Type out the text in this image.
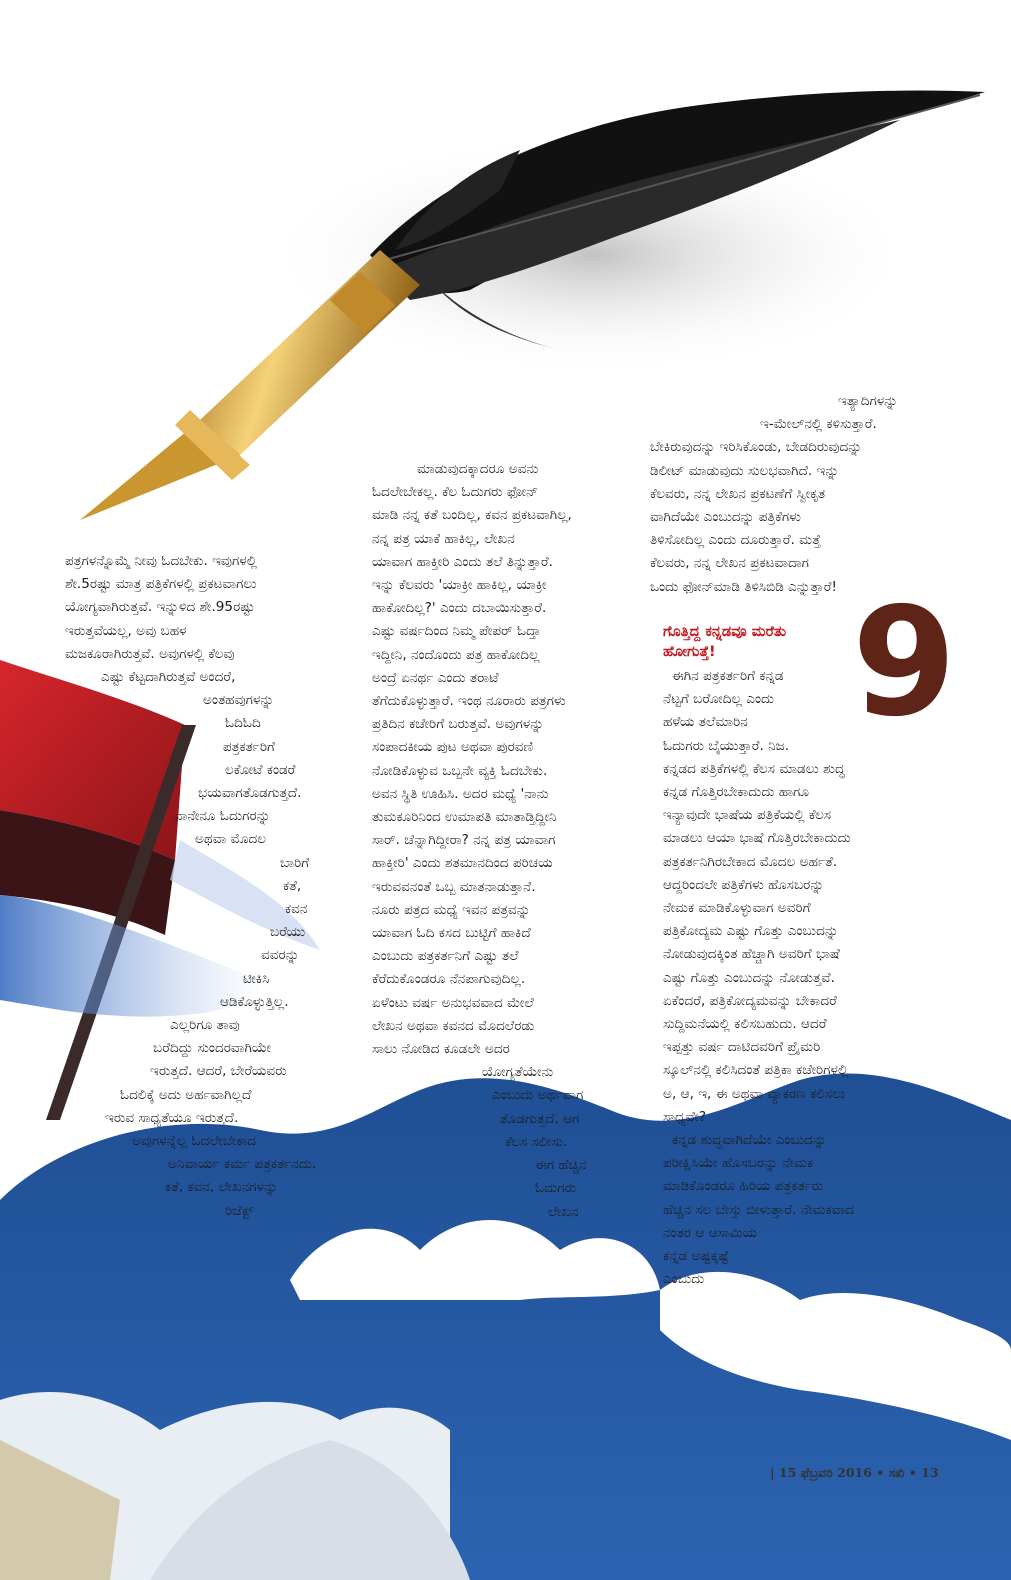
ಪತ್ರಗಳನ್ನೊಮ್ಮೆ ನೀವು ಓದಬೇಕು. ಇವುಗಳಲ್ಲಿ
ಶೇ.5ರಷ್ಟು ಮಾತ್ರ ಪತ್ರಿಕೆಗಳಲ್ಲಿ ಪ್ರಕಟವಾಗಲು
ಯೋಗ್ಯವಾಗಿರುತ್ತವೆ. ಇನ್ನುಳಿದ ಶೇ.95ರಷ್ಟು
ಇರುತ್ತವೆಯಲ್ಲ, ಅವು ಬಹಳ
ಮಜಕೂರಾಗಿರುತ್ತವೆ. ಅವುಗಳಲ್ಲಿ ಕೆಲವು
ಎಷ್ಟು ಕೆಟ್ಟದಾಗಿರುತ್ತವೆ ಅಂದರೆ,
ಅಂತಹವುಗಳನ್ನು
ಓದಿಓದಿ
ಪತ್ರಕರ್ತರಿಗೆ
ಲಕೋಟೆ ಕಂಡರೆ
ಭಯವಾಗತೊಡಗುತ್ತದೆ.
ನಾನೇನೂ ಓದುಗರನ್ನು
ಅಥವಾ ಮೊದಲ
ಬಾರಿಗೆ
ಕತೆ,
ಕವನ
ಬರೆಯು
ವವರನ್ನು
ಟೀಕಿಸಿ
ಆಡಿಕೊಳ್ಳುತ್ತಿಲ್ಲ.
ಎಲ್ಲರಿಗೂ ತಾವು
ಬರೆದಿದ್ದು ಸುಂದರವಾಗಿಯೇ
ಇರುತ್ತದೆ. ಆದರೆ, ಬೇರೆಯವರು
ಓದಲಿಕ್ಕೆ ಅದು ಅರ್ಹವಾಗಿಲ್ಲದೆ
ಇರುವ ಸಾಧ್ಯತೆಯೂ ಇರುತ್ತದೆ.
ಅವುಗಳನ್ನೆಲ್ಲ ಓದಲೇಬೇಕಾದ
ಅನಿವಾರ್ಯ ಕರ್ಮ ಪತ್ರಕರ್ತನದು.
ಕತೆ, ಕವನ, ಲೇಖನಗಳನ್ನು
ರಿಜೆಕ್ಟ್
ಮಾಡುವುದಕ್ಕಾದರೂ ಅವನು
ಓದಲೇಬೇಕಲ್ಲ. ಕೆಲ ಓದುಗರು ಫೋನ್
ಮಾಡಿ ನನ್ನ ಕತೆ ಬಂದಿಲ್ಲ, ಕವನ ಪ್ರಕಟವಾಗಿಲ್ಲ,
ನನ್ನ ಪತ್ರ ಯಾಕೆ ಹಾಕಿಲ್ಲ, ಲೇಖನ
ಯಾವಾಗ ಹಾಕ್ತೀರಿ ಎಂದು ತಲೆ ತಿನ್ನುತ್ತಾರೆ.
ಇನ್ನು ಕೆಲವರು 'ಯಾಕ್ರೀ ಹಾಕಿಲ್ಲ, ಯಾಕ್ರೀ
ಹಾಕೋದಿಲ್ಲ?' ಎಂದು ದಬಾಯಿಸುತ್ತಾರೆ.
ಎಷ್ಟು ವರ್ಷದಿಂದ ನಿಮ್ಮ ಪೇಪರ್ ಓದ್ತಾ
ಇದ್ದೀನಿ, ನಂದೊಂದು ಪತ್ರ ಹಾಕೋದಿಲ್ಲ
ಅಂದ್ರೆ ಏನರ್ಥ ಎಂದು ತರಾಟೆ
ತೆಗೆದುಕೊಳ್ಳುತ್ತಾರೆ. ಇಂಥ ನೂರಾರು ಪತ್ರಗಳು
ಪ್ರತಿದಿನ ಕಚೇರಿಗೆ ಬರುತ್ತವೆ. ಅವುಗಳನ್ನು
ಸಂಪಾದಕೀಯ ಪುಟ ಅಥವಾ ಪುರವಣಿ
ನೋಡಿಕೊಳ್ಳುವ ಒಬ್ಬನೇ ವ್ಯಕ್ತಿ ಓದಬೇಕು.
ಅವನ ಸ್ಥಿತಿ ಊಹಿಸಿ. ಅದರ ಮಧ್ಯೆ 'ನಾನು
ತುಮಕೂರಿನಿಂದ ಉಮಾಪತಿ ಮಾತಾಡ್ತಿದ್ದೀನಿ
ಸಾರ್. ಚೆನ್ನಾಗಿದ್ದೀರಾ? ನನ್ನ ಪತ್ರ ಯಾವಾಗ
ಹಾಕ್ತೀರಿ' ಎಂದು ಶತಮಾನದಿಂದ ಪರಿಚಯ
ಇರುವವನಂತೆ ಒಬ್ಬ ಮಾತನಾಡುತ್ತಾನೆ.
ನೂರು ಪತ್ರದ ಮಧ್ಯೆ ಇವನ ಪತ್ರವನ್ನು
ಯಾವಾಗ ಓದಿ ಕಸದ ಬುಟ್ಟಿಗೆ ಹಾಕಿದೆ
ಎಂಬುದು ಪತ್ರಕರ್ತನಿಗೆ ಎಷ್ಟು ತಲೆ
ಕೆರೆದುಕೊಂಡರೂ ನೆನಪಾಗುವುದಿಲ್ಲ.
ಏಳೆಂಟು ವರ್ಷ ಅನುಭವವಾದ ಮೇಲೆ
ಲೇಖನ ಅಥವಾ ಕವನದ ಮೊದಲೆರಡು
ಸಾಲು ನೋಡಿದ ಕೂಡಲೇ ಅದರ
ಯೋಗ್ಯತೆಯೇನು
ಎಂಬುದು ಅರ್ಥವಾಗ
ತೊಡಗುತ್ತದೆ. ಆಗ
ಕೆಲಸ ಸಲೀಸು.
ಈಗ ಹೆಚ್ಚಿನ
ಓದುಗರು
ಲೇಖನ
ಇತ್ಯಾದಿಗಳನ್ನು
ಇ-ಮೇಲ್‌ನಲ್ಲಿ ಕಳಿಸುತ್ತಾರೆ.
ಬೇಕಿರುವುದನ್ನು ಇರಿಸಿಕೊಂಡು, ಬೇಡದಿರುವುದನ್ನು
ಡಿಲೀಟ್ ಮಾಡುವುದು ಸುಲಭವಾಗಿದೆ. ಇನ್ನು
ಕೆಲವರು, ನನ್ನ ಲೇಖನ ಪ್ರಕಟಣೆಗೆ ಸ್ವೀಕೃತ
ವಾಗಿದೆಯೇ ಎಂಬುದನ್ನು ಪತ್ರಿಕೆಗಳು
ತಿಳಿಸೋದಿಲ್ಲ ಎಂದು ದೂರುತ್ತಾರೆ. ಮತ್ತೆ
ಕೆಲವರು, ನನ್ನ ಲೇಖನ ಪ್ರಕಟವಾದಾಗ
ಒಂದು ಫೋನ್‌ಮಾಡಿ ತಿಳಿಸಿಬಿಡಿ ಎನ್ನುತ್ತಾರೆ!
ಗೊತ್ತಿದ್ದ ಕನ್ನಡವೂ ಮರೆತು
ಹೋಗುತ್ತೆ! 9
ಈಗಿನ ಪತ್ರಕರ್ತರಿಗೆ ಕನ್ನಡ
ನೆಟ್ಟಗೆ ಬರೋದಿಲ್ಲ ಎಂದು
ಹಳೆಯ ತಲೆಮಾರಿನ
ಓದುಗರು ಬೈಯುತ್ತಾರೆ. ನಿಜ.
ಕನ್ನಡದ ಪತ್ರಿಕೆಗಳಲ್ಲಿ ಕೆಲಸ ಮಾಡಲು ಶುದ್ಧ
ಕನ್ನಡ ಗೊತ್ತಿರಬೇಕಾದುದು ಹಾಗೂ
ಇನ್ಯಾವುದೇ ಭಾಷೆಯ ಪತ್ರಿಕೆಯಲ್ಲಿ ಕೆಲಸ
ಮಾಡಲು ಆಯಾ ಭಾಷೆ ಗೊತ್ತಿರಬೇಕಾದುದು
ಪತ್ರಕರ್ತನಿಗಿರಬೇಕಾದ ಮೊದಲ ಅರ್ಹತೆ.
ಆದ್ದರಿಂದಲೇ ಪತ್ರಿಕೆಗಳು ಹೊಸಬರನ್ನು
ನೇಮಕ ಮಾಡಿಕೊಳ್ಳುವಾಗ ಅವರಿಗೆ
ಪತ್ರಿಕೋದ್ಯಮ ಎಷ್ಟು ಗೊತ್ತು ಎಂಬುದನ್ನು
ನೋಡುವುದಕ್ಕಿಂತ ಹೆಚ್ಚಾಗಿ ಅವರಿಗೆ ಭಾಷೆ
ಎಷ್ಟು ಗೊತ್ತು ಎಂಬುದನ್ನು ನೋಡುತ್ತವೆ.
ಏಕೆಂದರೆ, ಪತ್ರಿಕೋದ್ಯಮವನ್ನು ಬೇಕಾದರೆ
ಸುದ್ದಿಮನೆಯಲ್ಲಿ ಕಲಿಸಬಹುದು. ಆದರೆ
ಇಪ್ಪತ್ತು ವರ್ಷ ದಾಟಿದವರಿಗೆ ಪ್ರೈಮರಿ
ಸ್ಕೂಲ್‌ನಲ್ಲಿ ಕಲಿಸಿದಂತೆ ಪತ್ರಿಕಾ ಕಚೇರಿಗಳಲ್ಲಿ
ಅ, ಆ, ಇ, ಈ ಅಥವಾ ವ್ಯಾಕರಣ ಕಲಿಸಲು
ಸಾಧ್ಯವೇ?
ಕನ್ನಡ ಶುದ್ಧವಾಗಿದೆಯೇ ಎಂಬುದನ್ನು
ಪರೀಕ್ಷಿಸಿಯೇ ಹೊಸಬರನ್ನು ನೇಮಕ
ಮಾಡಿಕೊಂಡರೂ ಹಿರಿಯ ಪತ್ರಕರ್ತರು
ಹೆಚ್ಚಿನ ಸಲ ಬೇಸ್ತು ಬೀಳುತ್ತಾರೆ. ನೇಮಕವಾದ
ನಂತರ ಆ ಆಸಾಮಿಯ
ಕನ್ನಡ ಅಷ್ಟಕ್ಕಷ್ಟೆ
ಎಂಬುದು
| 15 ಫೆಬ್ರವರಿ 2016 • ಸಖಿ • 13
